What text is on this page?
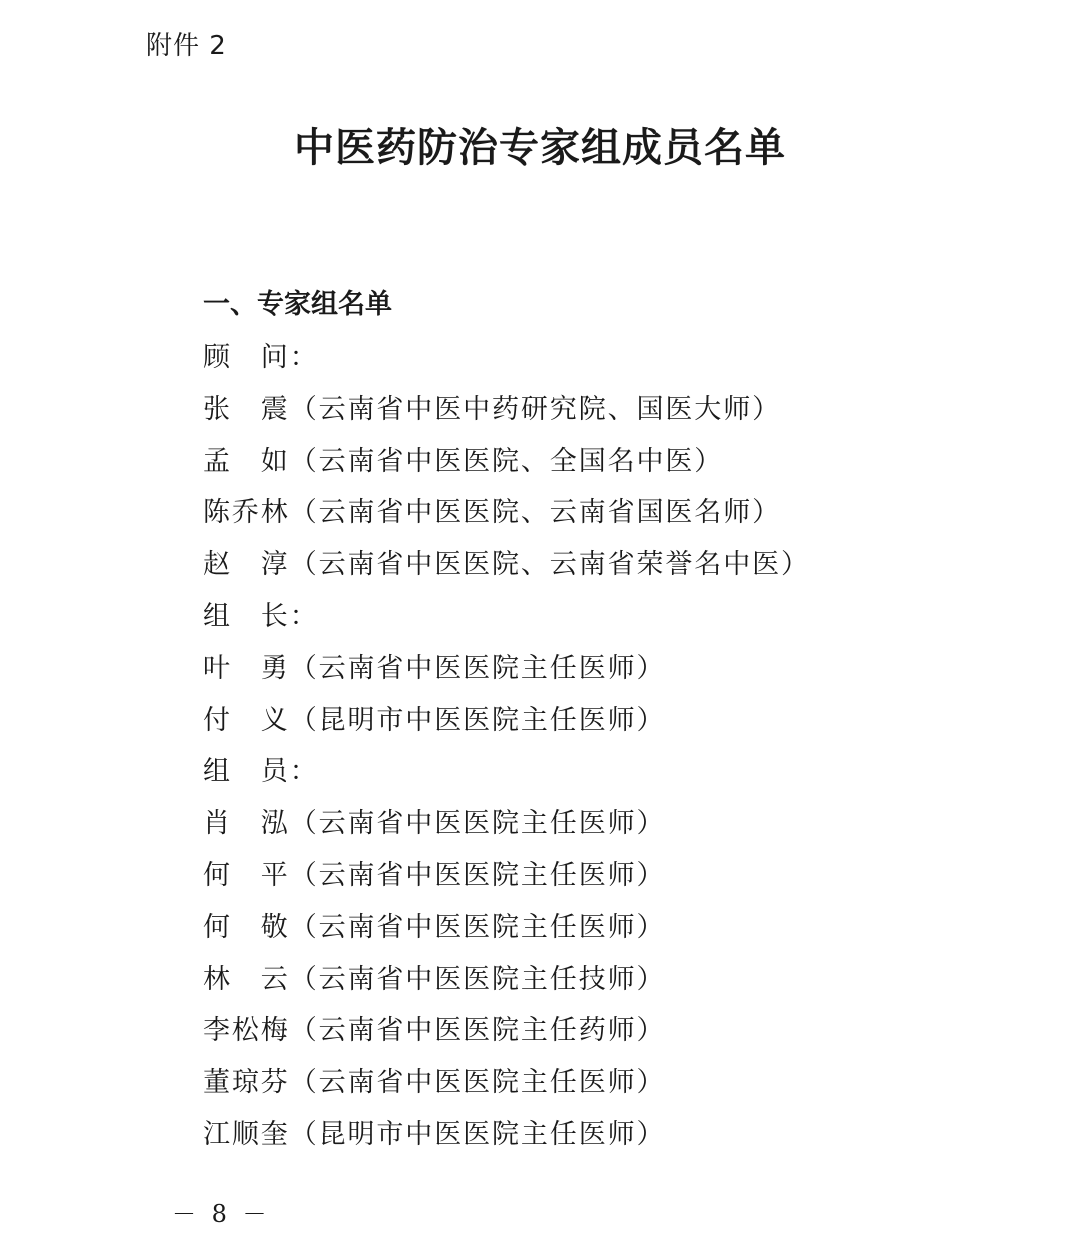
附件 2
中医药防治专家组成员名单
一、专家组名单
顾　问：
张　震（云南省中医中药研究院、国医大师）
孟　如（云南省中医医院、全国名中医）
陈乔林（云南省中医医院、云南省国医名师）
赵　淳（云南省中医医院、云南省荣誉名中医）
组　长：
叶　勇（云南省中医医院主任医师）
付　义（昆明市中医医院主任医师）
组　员：
肖　泓（云南省中医医院主任医师）
何　平（云南省中医医院主任医师）
何　敬（云南省中医医院主任医师）
林　云（云南省中医医院主任技师）
李松梅（云南省中医医院主任药师）
董琼芬（云南省中医医院主任医师）
江顺奎（昆明市中医医院主任医师）
－ 8 －
